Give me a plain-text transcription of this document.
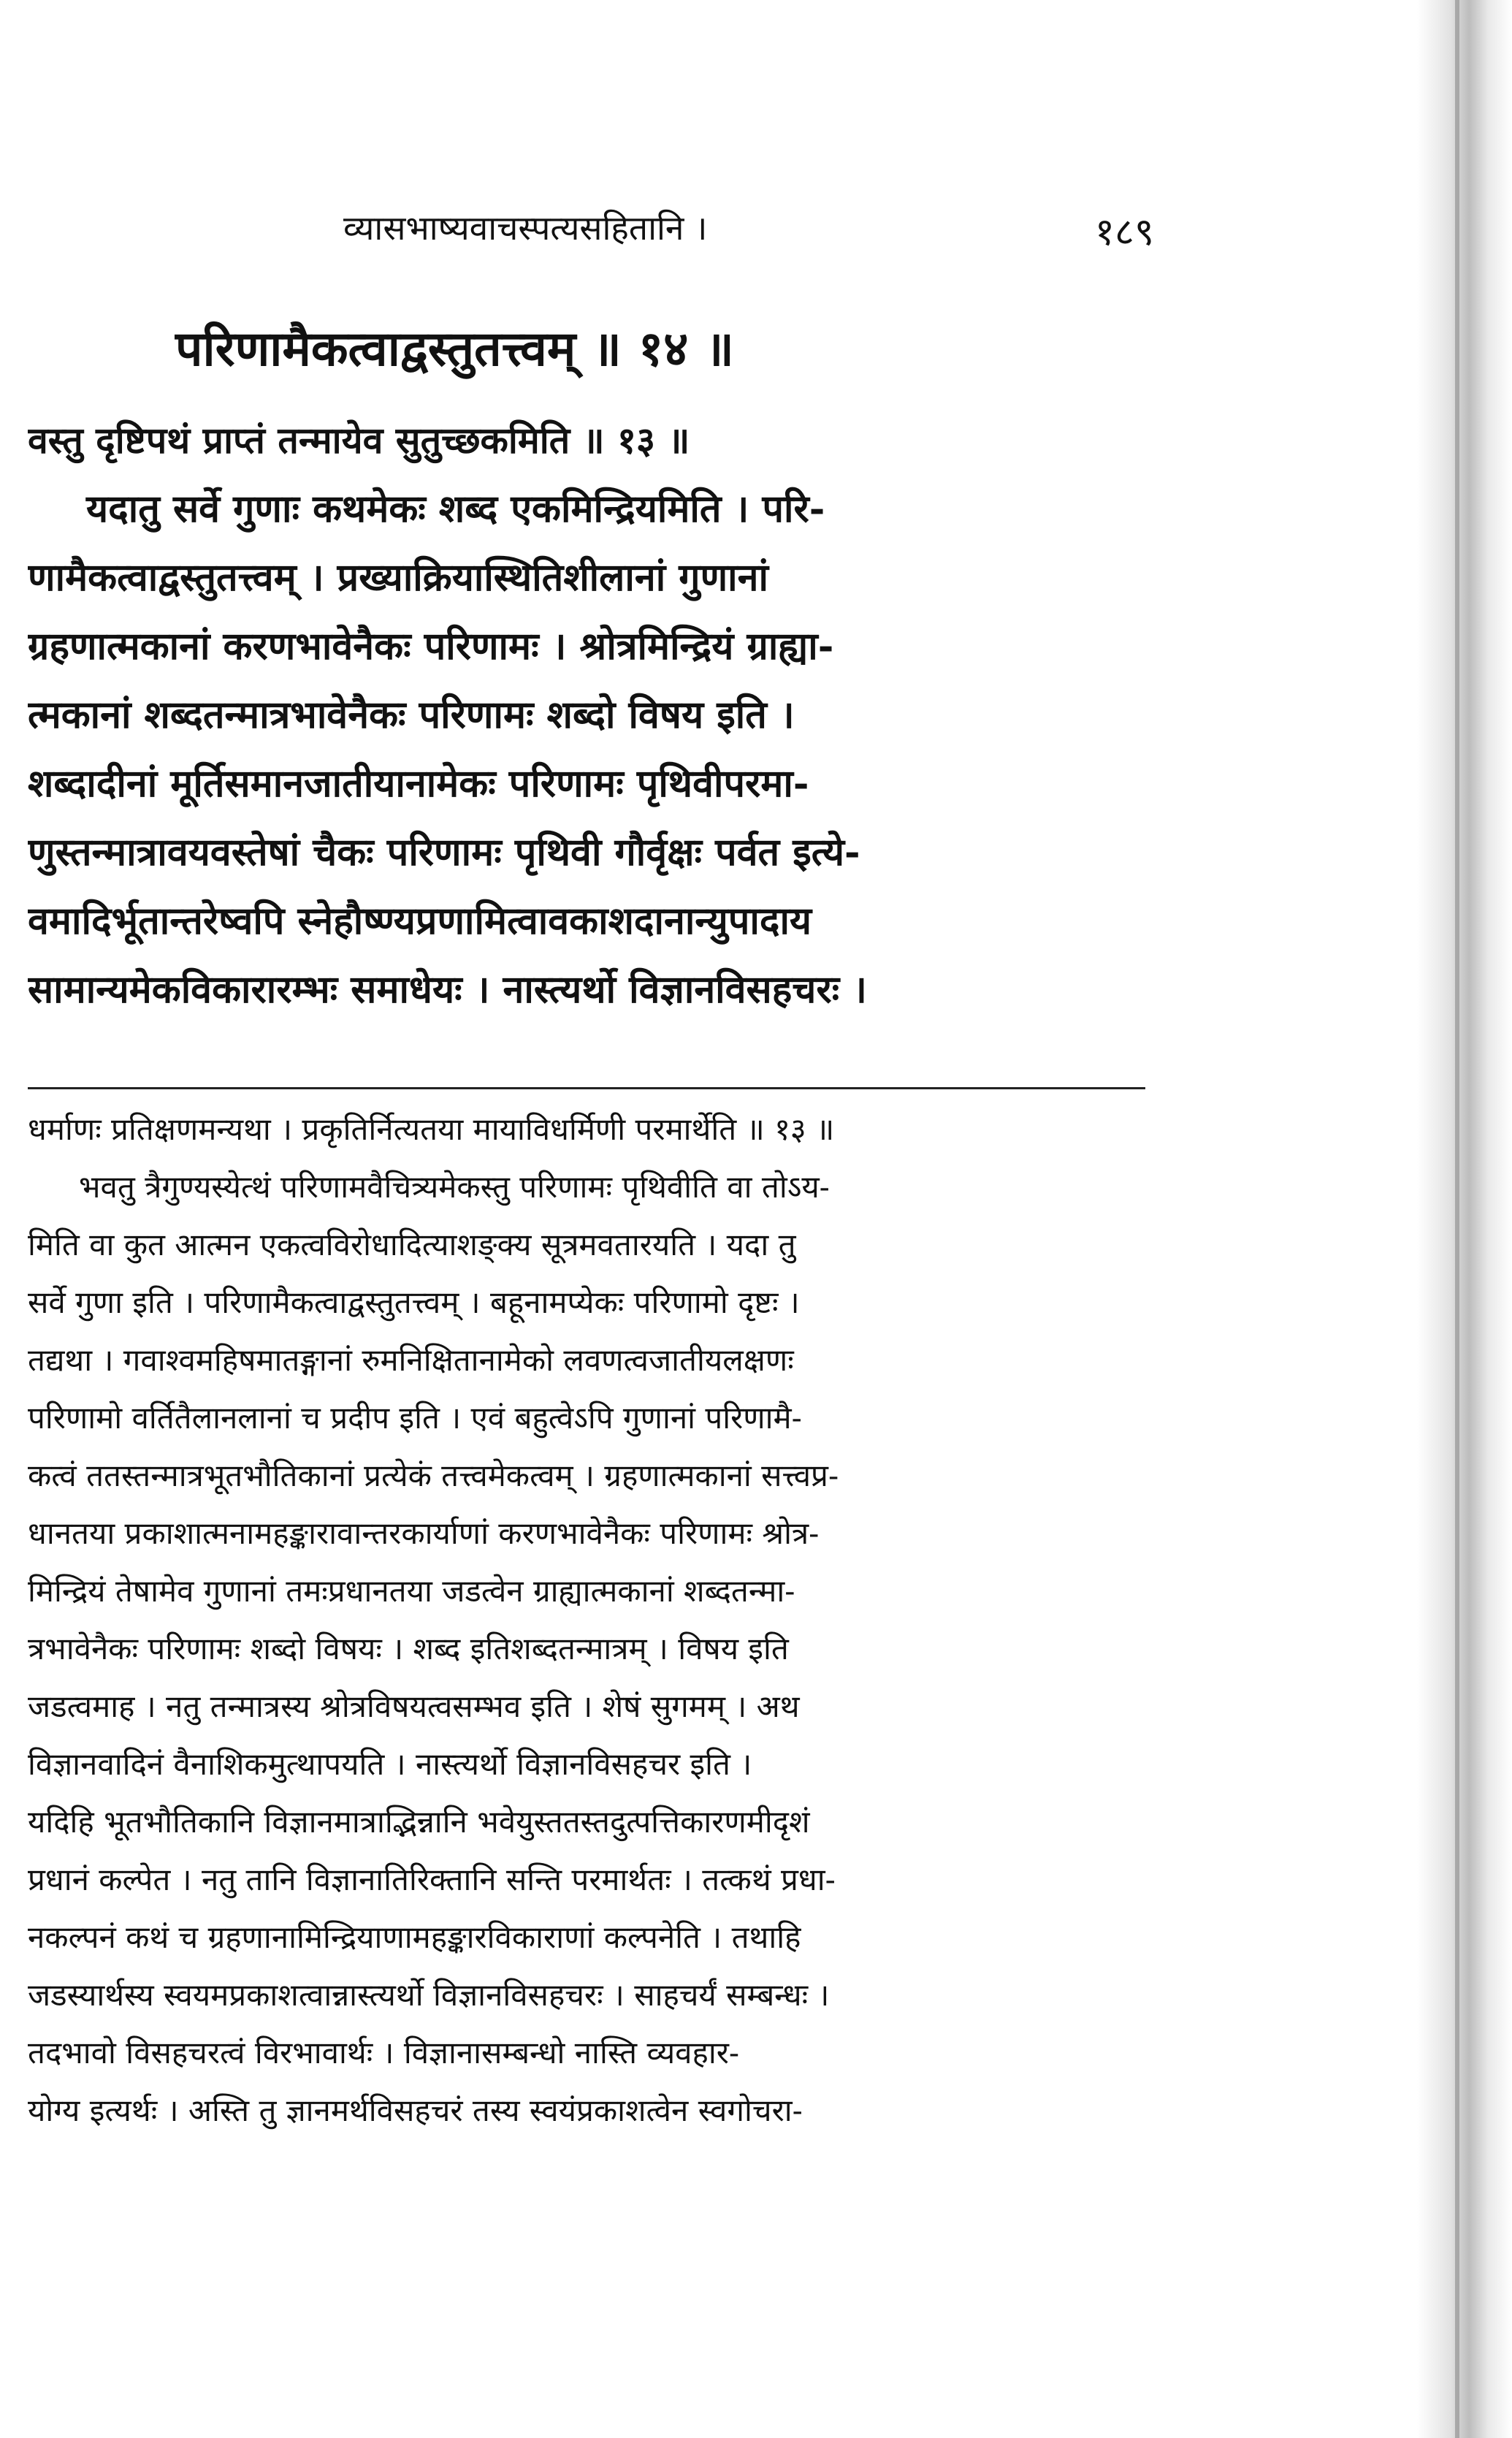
व्यासभाष्यवाचस्पत्यसहितानि ।	१८९
परिणामैकत्वाद्वस्तुतत्त्वम् ॥ १४ ॥
वस्तु दृष्टिपथं प्राप्तं तन्मायेव सुतुच्छकमिति ॥ १३ ॥
यदातु सर्वे गुणाः कथमेकः शब्द एकमिन्द्रियमिति । परि-
णामैकत्वाद्वस्तुतत्त्वम् । प्रख्याक्रियास्थितिशीलानां गुणानां
ग्रहणात्मकानां करणभावेनैकः परिणामः । श्रोत्रमिन्द्रियं ग्राह्या-
त्मकानां शब्दतन्मात्रभावेनैकः परिणामः शब्दो विषय इति ।
शब्दादीनां मूर्तिसमानजातीयानामेकः परिणामः पृथिवीपरमा-
णुस्तन्मात्रावयवस्तेषां चैकः परिणामः पृथिवी गौर्वृक्षः पर्वत इत्ये-
वमादिर्भूतान्तरेष्वपि स्नेहौष्ण्यप्रणामित्वावकाशदानान्युपादाय
सामान्यमेकविकारारम्भः समाधेयः । नास्त्यर्थो विज्ञानविसहचरः ।
धर्माणः प्रतिक्षणमन्यथा । प्रकृतिर्नित्यतया मायाविधर्मिणी परमार्थेति ॥ १३ ॥
भवतु त्रैगुण्यस्येत्थं परिणामवैचित्र्यमेकस्तु परिणामः पृथिवीति वा तोऽय-
मिति वा कुत आत्मन एकत्वविरोधादित्याशङ्क्य सूत्रमवतारयति । यदा तु
सर्वे गुणा इति । परिणामैकत्वाद्वस्तुतत्त्वम् । बहूनामप्येकः परिणामो दृष्टः ।
तद्यथा । गवाश्वमहिषमातङ्गानां रुमनिक्षितानामेको लवणत्वजातीयलक्षणः
परिणामो वर्तितैलानलानां च प्रदीप इति । एवं बहुत्वेऽपि गुणानां परिणामै-
कत्वं ततस्तन्मात्रभूतभौतिकानां प्रत्येकं तत्त्वमेकत्वम् । ग्रहणात्मकानां सत्त्वप्र-
धानतया प्रकाशात्मनामहङ्कारावान्तरकार्याणां करणभावेनैकः परिणामः श्रोत्र-
मिन्द्रियं तेषामेव गुणानां तमःप्रधानतया जडत्वेन ग्राह्यात्मकानां शब्दतन्मा-
त्रभावेनैकः परिणामः शब्दो विषयः । शब्द इतिशब्दतन्मात्रम् । विषय इति
जडत्वमाह । नतु तन्मात्रस्य श्रोत्रविषयत्वसम्भव इति । शेषं सुगमम् । अथ
विज्ञानवादिनं वैनाशिकमुत्थापयति । नास्त्यर्थो विज्ञानविसहचर इति ।
यदिहि भूतभौतिकानि विज्ञानमात्राद्भिन्नानि भवेयुस्ततस्तदुत्पत्तिकारणमीदृशं
प्रधानं कल्पेत । नतु तानि विज्ञानातिरिक्तानि सन्ति परमार्थतः । तत्कथं प्रधा-
नकल्पनं कथं च ग्रहणानामिन्द्रियाणामहङ्कारविकाराणां कल्पनेति । तथाहि
जडस्यार्थस्य स्वयमप्रकाशत्वान्नास्त्यर्थो विज्ञानविसहचरः । साहचर्यं सम्बन्धः ।
तदभावो विसहचरत्वं विरभावार्थः । विज्ञानासम्बन्धो नास्ति व्यवहार-
योग्य इत्यर्थः । अस्ति तु ज्ञानमर्थविसहचरं तस्य स्वयंप्रकाशत्वेन स्वगोचरा-
